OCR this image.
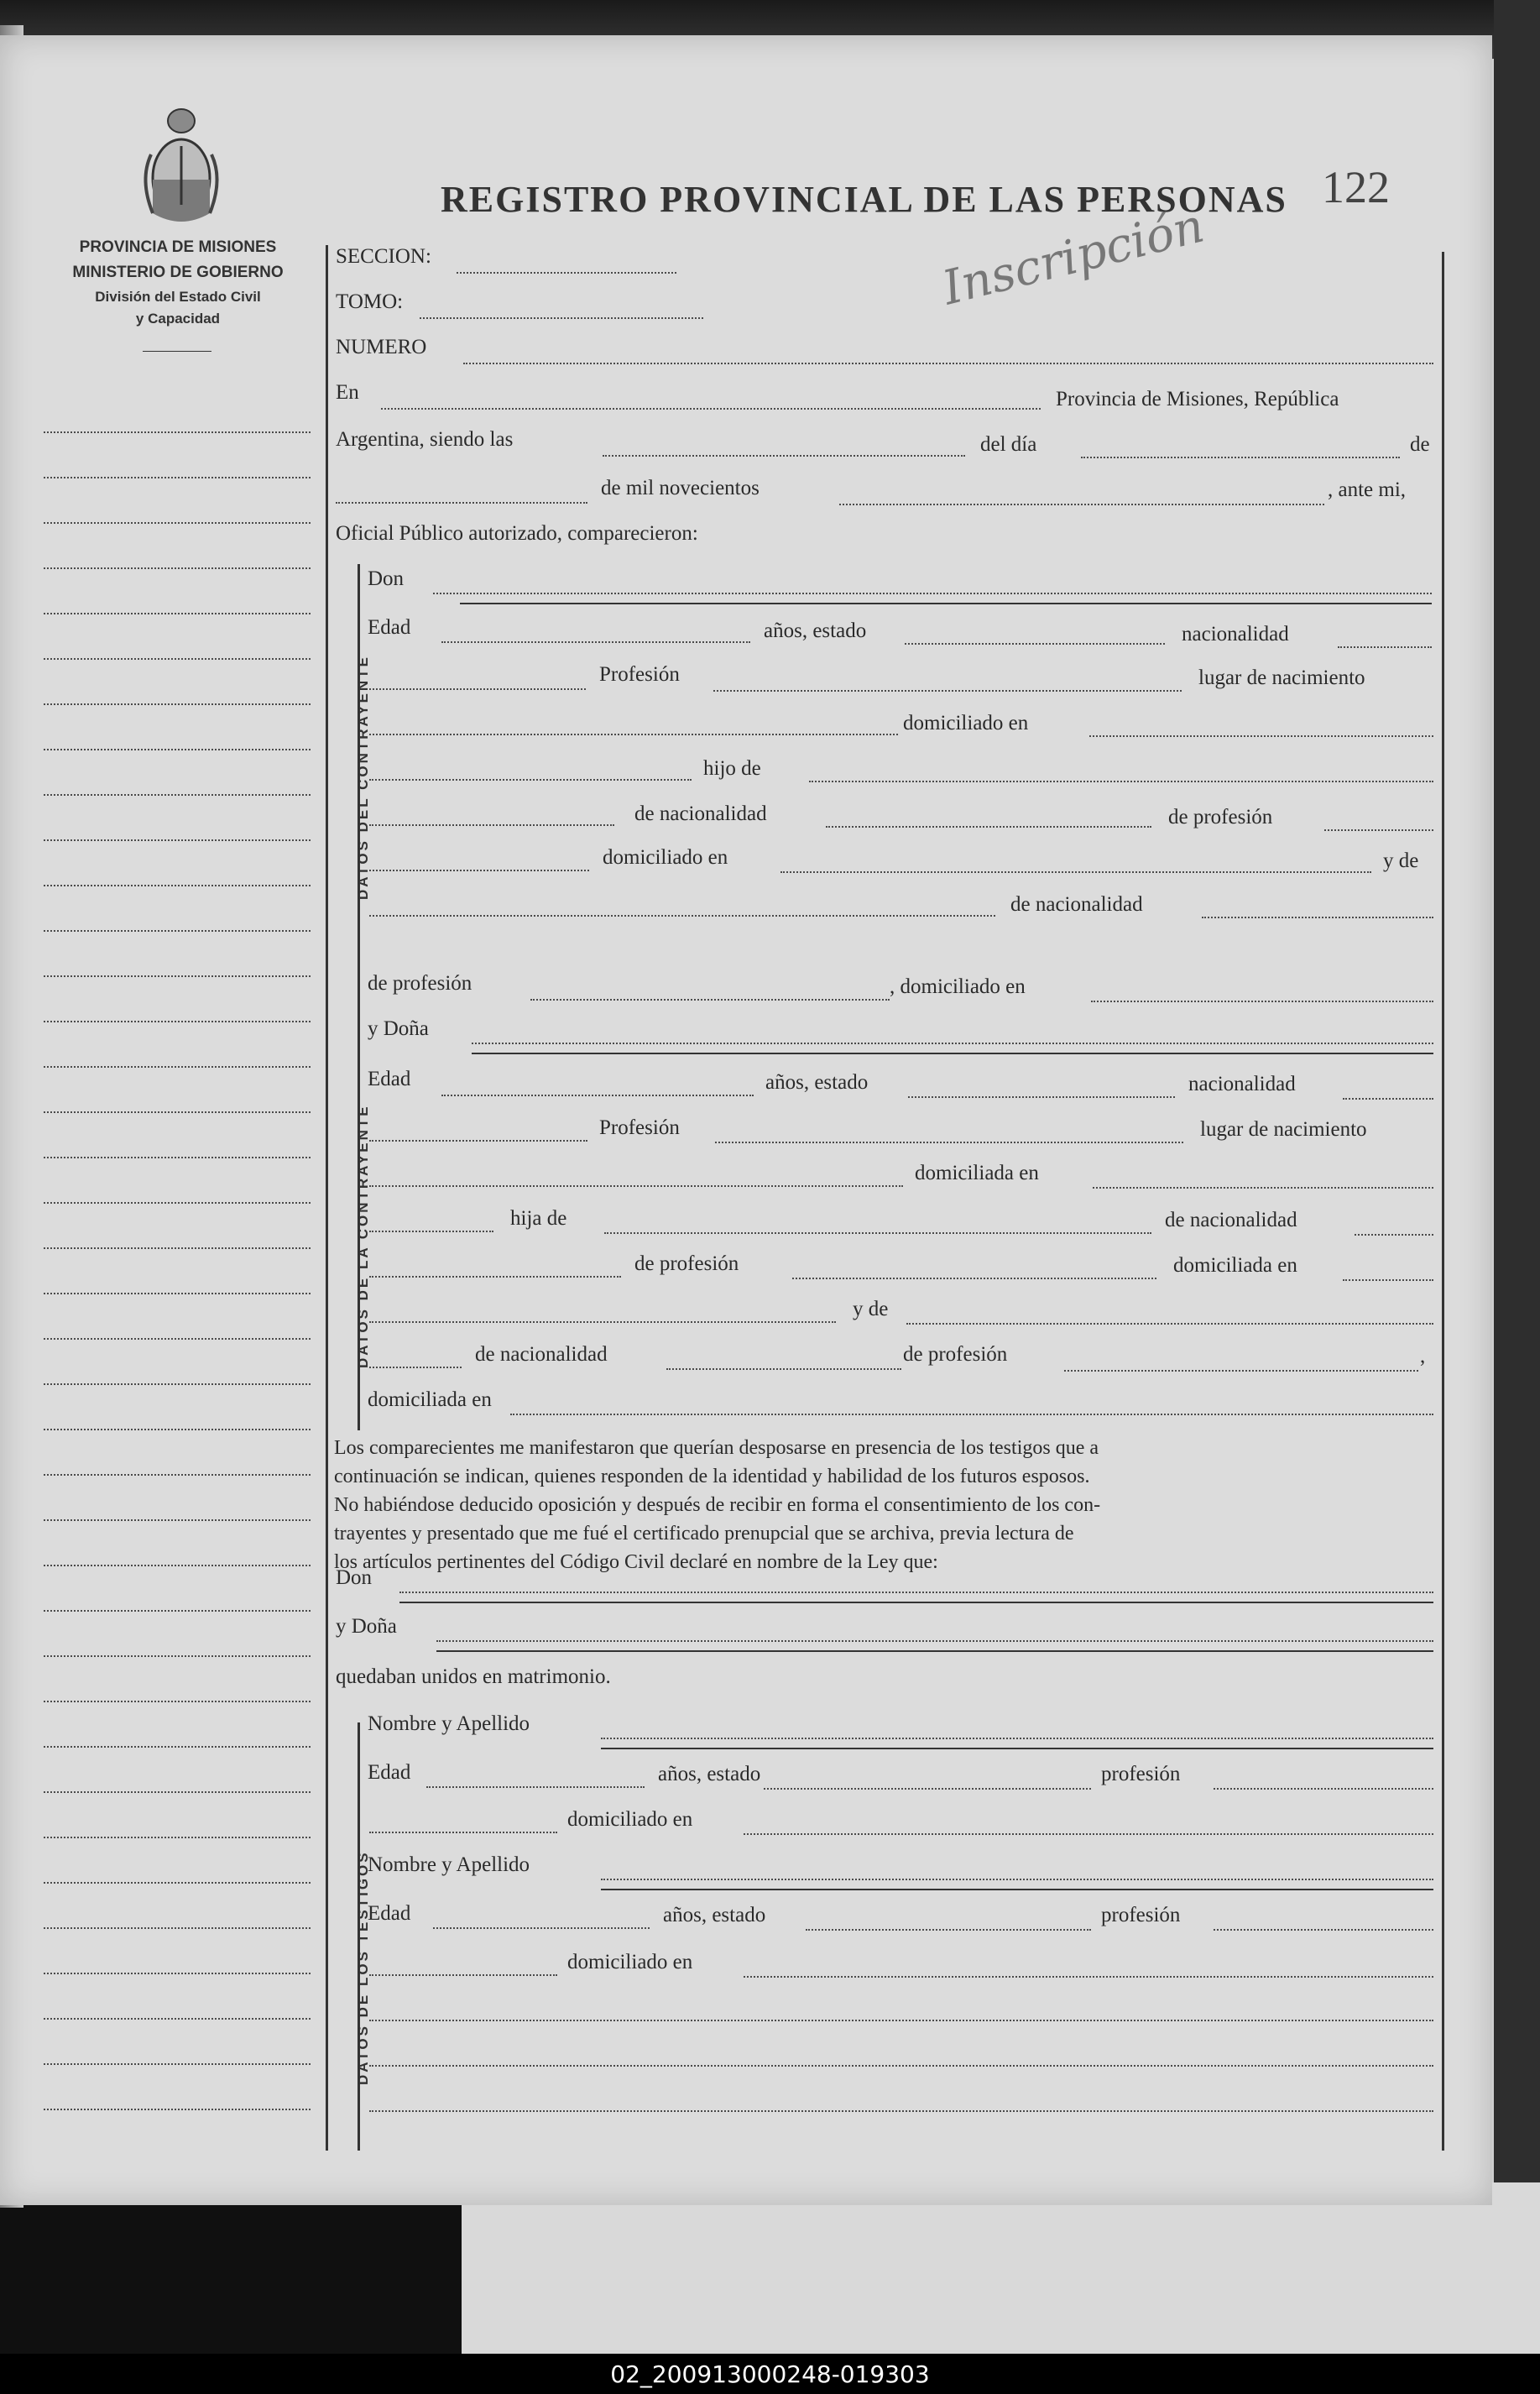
PROVINCIA DE MISIONES
MINISTERIO DE GOBIERNO
División del Estado Civil
y Capacidad
REGISTRO PROVINCIAL DE LAS PERSONAS 122
Inscripción
DATOS DEL CONTRAYENTE
DATOS DE LA CONTRAYENTE
DATOS DE LOS TESTIGOS
SECCION:
TOMO:
NUMERO
En	Provincia de Misiones, República
Argentina, siendo las	del día	de
de mil novecientos	, ante mi,
Oficial Público autorizado, comparecieron:
Don
Edad	años, estado	nacionalidad
Profesión	lugar de nacimiento
domiciliado en
hijo de
de nacionalidad	de profesión
domiciliado en	y de
de nacionalidad
de profesión	, domiciliado en
y Doña
Edad	años, estado	nacionalidad
Profesión	lugar de nacimiento
domiciliada en
hija de	de nacionalidad
de profesión	domiciliada en
y de
de nacionalidad	de profesión	,
domiciliada en
Los comparecientes me manifestaron que querían desposarse en presencia de los testigos que a
continuación se indican, quienes responden de la identidad y habilidad de los futuros esposos.
No habiéndose deducido oposición y después de recibir en forma el consentimiento de los con-
trayentes y presentado que me fué el certificado prenupcial que se archiva, previa lectura de
los artículos pertinentes del Código Civil declaré en nombre de la Ley que:
Don
y Doña
quedaban unidos en matrimonio.
Nombre y Apellido
Edad	años, estado	profesión
domiciliado en
Nombre y Apellido
Edad	años, estado	profesión
domiciliado en
02_200913000248-019303
